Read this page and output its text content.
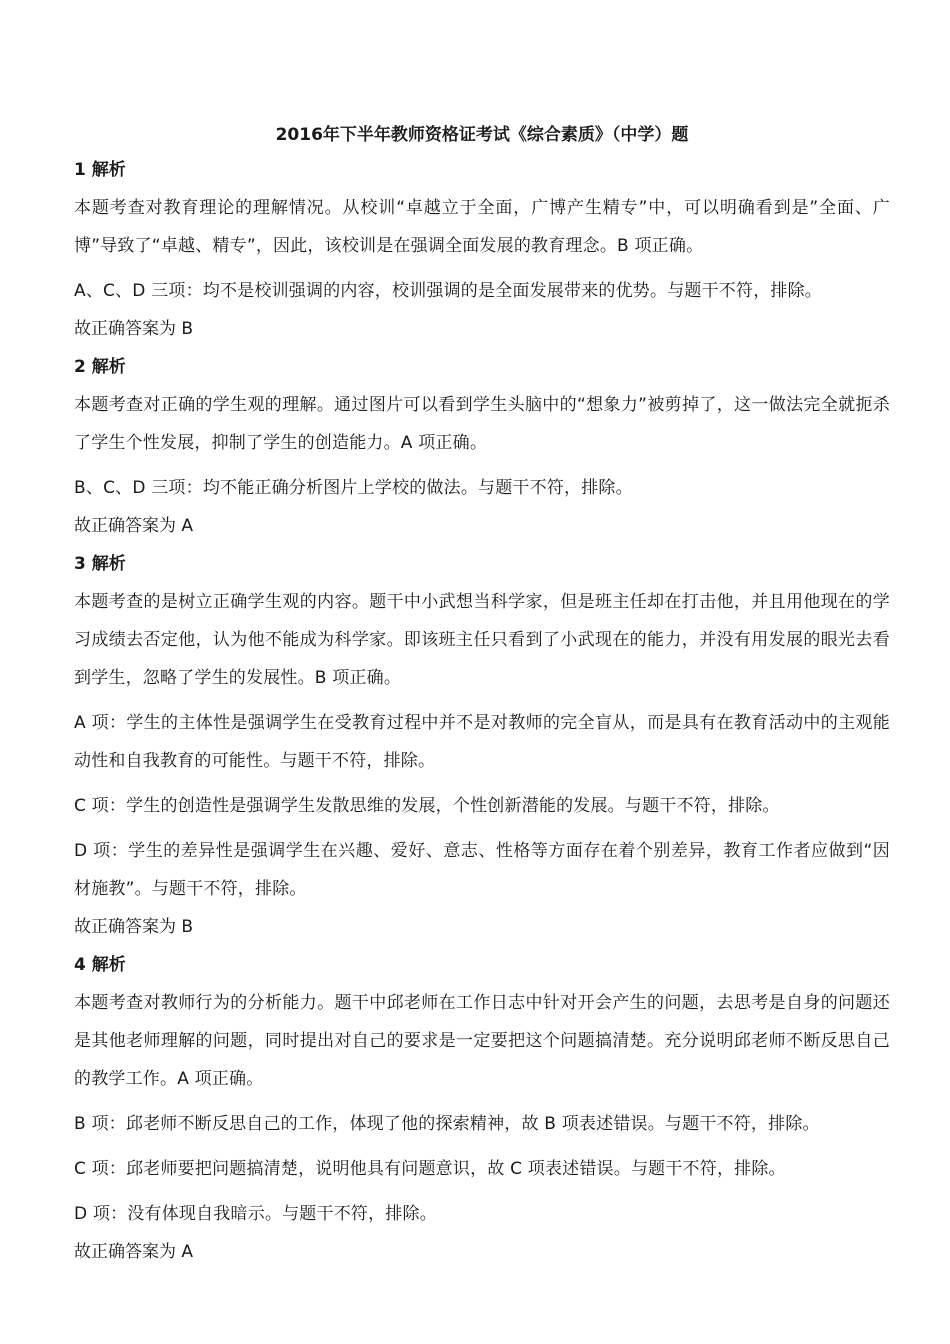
2016年下半年教师资格证考试《综合素质》（中学）题
1 解析

本题考查对教育理论的理解情况。从校训“卓越立于全面，广博产生精专”中，可以明确看到是”全面、广博”导致了“卓越、精专”，因此，该校训是在强调全面发展的教育理念。B 项正确。

A、C、D 三项：均不是校训强调的内容，校训强调的是全面发展带来的优势。与题干不符，排除。

故正确答案为 B
2 解析

本题考查对正确的学生观的理解。通过图片可以看到学生头脑中的“想象力”被剪掉了，这一做法完全就扼杀了学生个性发展，抑制了学生的创造能力。A 项正确。

B、C、D 三项：均不能正确分析图片上学校的做法。与题干不符，排除。

故正确答案为 A
3 解析

本题考查的是树立正确学生观的内容。题干中小武想当科学家，但是班主任却在打击他，并且用他现在的学习成绩去否定他，认为他不能成为科学家。即该班主任只看到了小武现在的能力，并没有用发展的眼光去看到学生，忽略了学生的发展性。B 项正确。

A 项：学生的主体性是强调学生在受教育过程中并不是对教师的完全盲从，而是具有在教育活动中的主观能动性和自我教育的可能性。与题干不符，排除。

C 项：学生的创造性是强调学生发散思维的发展，个性创新潜能的发展。与题干不符，排除。

D 项：学生的差异性是强调学生在兴趣、爱好、意志、性格等方面存在着个别差异，教育工作者应做到“因材施教”。与题干不符，排除。

故正确答案为 B
4 解析

本题考查对教师行为的分析能力。题干中邱老师在工作日志中针对开会产生的问题，去思考是自身的问题还是其他老师理解的问题，同时提出对自己的要求是一定要把这个问题搞清楚。充分说明邱老师不断反思自己的教学工作。A 项正确。

B 项：邱老师不断反思自己的工作，体现了他的探索精神，故 B 项表述错误。与题干不符，排除。

C 项：邱老师要把问题搞清楚，说明他具有问题意识，故 C 项表述错误。与题干不符，排除。

D 项：没有体现自我暗示。与题干不符，排除。

故正确答案为 A
